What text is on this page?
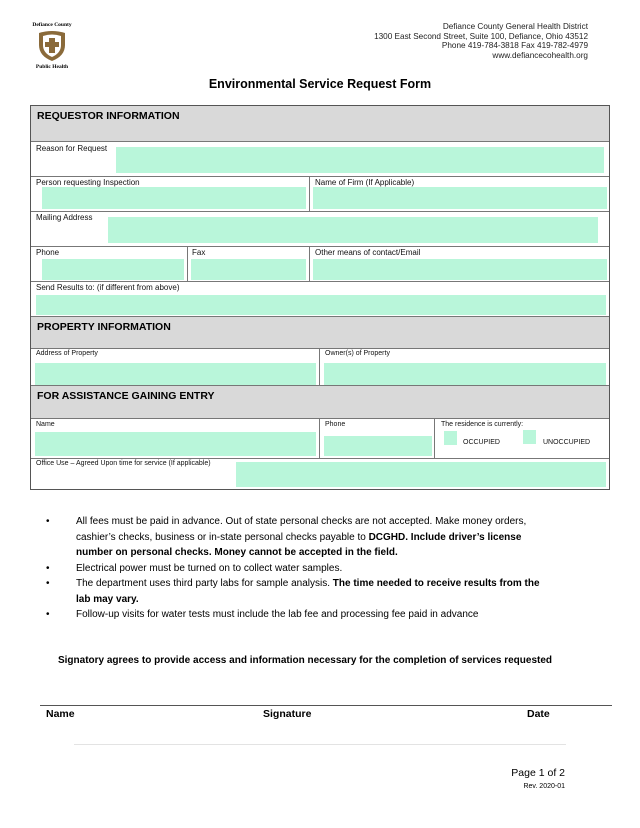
Defiance County
Public Health
Defiance County General Health District
1300 East Second Street, Suite 100, Defiance, Ohio 43512
Phone 419-784-3818 Fax 419-782-4979
www.defiancecohealth.org
Environmental Service Request Form
REQUESTOR INFORMATION
Reason for Request
Person requesting Inspection	Name of Firm (If Applicable)
Mailing Address
Phone	Fax	Other means of contact/Email
Send Results to: (if different from above)
PROPERTY INFORMATION
Address of Property	Owner(s) of Property
FOR ASSISTANCE GAINING ENTRY
Name	Phone	The residence is currently:
OCCUPIED	UNOCCUPIED
Office Use – Agreed Upon time for service (If applicable)
•	All fees must be paid in advance. Out of state personal checks are not accepted. Make money orders,
cashier’s checks, business or in-state personal checks payable to DCGHD. Include driver’s license
number on personal checks. Money cannot be accepted in the field.
•	Electrical power must be turned on to collect water samples.
•	The department uses third party labs for sample analysis. The time needed to receive results from the
lab may vary.
•	Follow-up visits for water tests must include the lab fee and processing fee paid in advance
Signatory agrees to provide access and information necessary for the completion of services requested
Name	Signature	Date
Page 1 of 2
Rev. 2020-01
